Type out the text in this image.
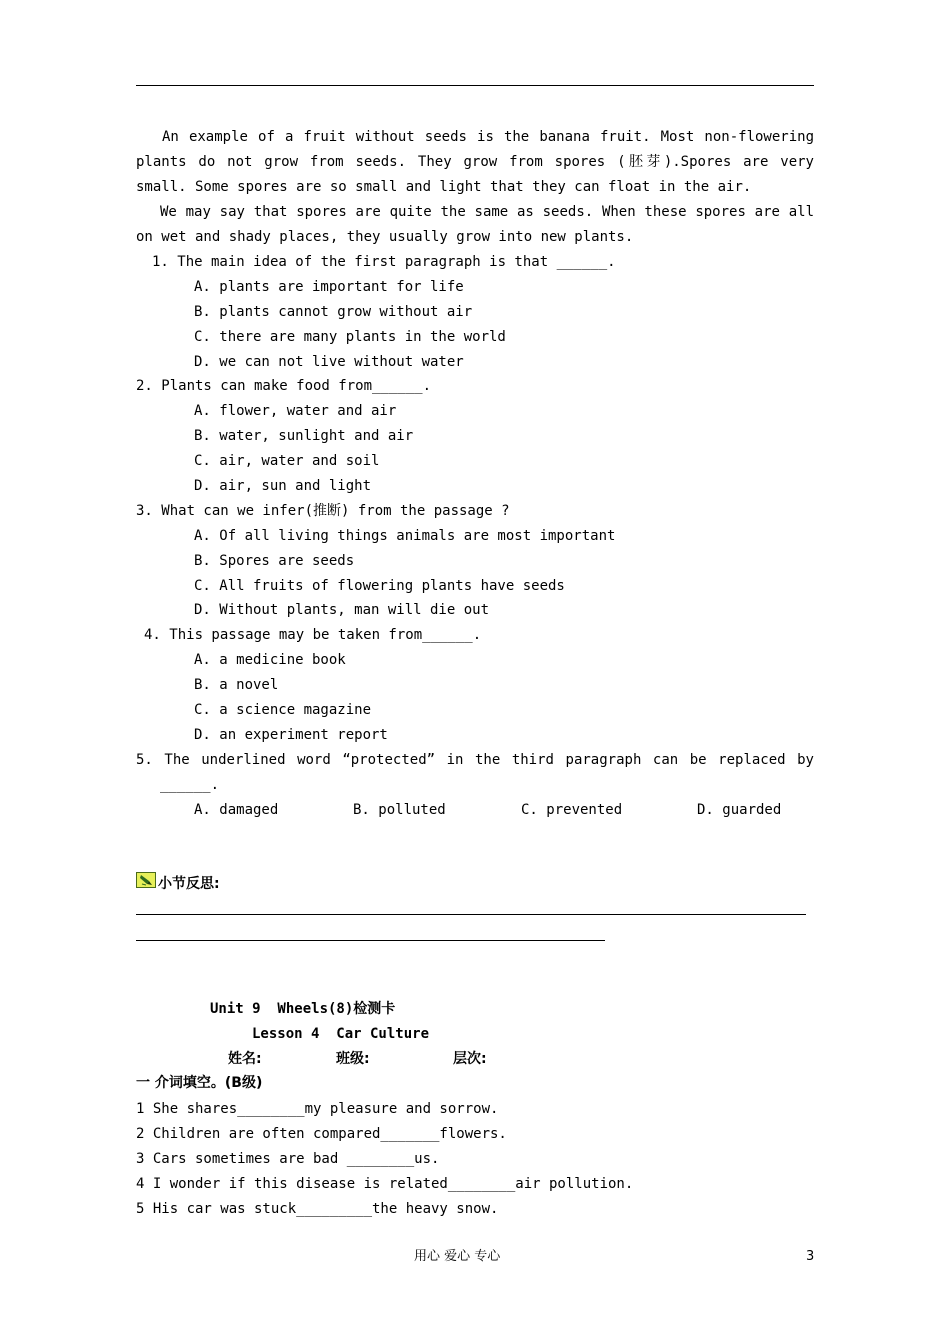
An example of a fruit without seeds is the banana fruit. Most non-flowering
plants do not grow from seeds. They grow from spores (胚芽).Spores are very
small. Some spores are so small and light that they can float in the air.
We may say that spores are quite the same as seeds. When these spores are all
on wet and shady places, they usually grow into new plants.
1. The main idea of the first paragraph is that ______.
A. plants are important for life
B. plants cannot grow without air
C. there are many plants in the world
D. we can not live without water
2. Plants can make food from______.
A. flower, water and air
B. water, sunlight and air
C. air, water and soil
D. air, sun and light
3. What can we infer(推断) from the passage ?
A. Of all living things animals are most important
B. Spores are seeds
C. All fruits of flowering plants have seeds
D. Without plants, man will die out
4. This passage may be taken from______.
A. a medicine book
B. a novel
C. a science magazine
D. an experiment report
5. The underlined word “protected” in the third paragraph can be replaced by
______.
A. damaged	B. polluted	C. prevented	D. guarded
小节反思:
Unit 9  Wheels(8)检测卡
Lesson 4  Car Culture
姓名:	班级:	层次:
一 介词填空。(B级)
1 She shares________my pleasure and sorrow.
2 Children are often compared_______flowers.
3 Cars sometimes are bad ________us.
4 I wonder if this disease is related________air pollution.
5 His car was stuck_________the heavy snow.
用心 爱心 专心	3
